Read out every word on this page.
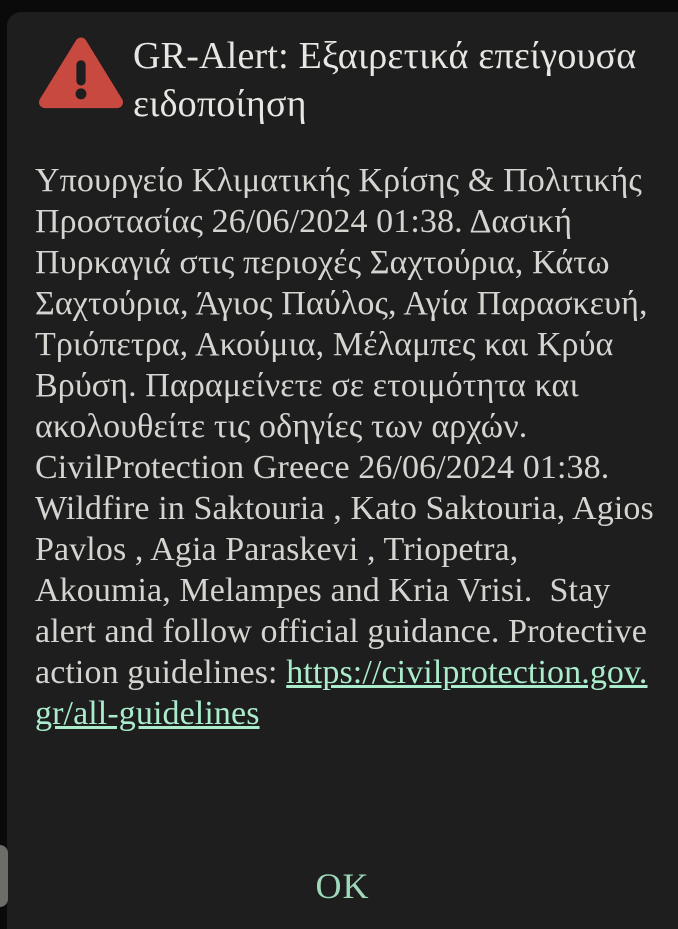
GR-Alert: Εξαιρετικά επείγουσα ειδοποίηση
Υπουργείο Κλιματικής Κρίσης & Πολιτικής Προστασίας 26/06/2024 01:38. Δασική Πυρκαγιά στις περιοχές Σαχτούρια, Κάτω Σαχτούρια, Άγιος Παύλος, Αγία Παρασκευή, Τριόπετρα, Ακούμια, Μέλαμπες και Κρύα Βρύση. Παραμείνετε σε ετοιμότητα και ακολουθείτε τις οδηγίες των αρχών. CivilProtection Greece 26/06/2024 01:38. Wildfire in Saktouria , Kato Saktouria, Agios Pavlos , Agia Paraskevi , Triopetra, Akoumia, Melampes and Kria Vrisi.  Stay alert and follow official guidance. Protective action guidelines: https://civilprotection.gov.gr/all-guidelines
OK
